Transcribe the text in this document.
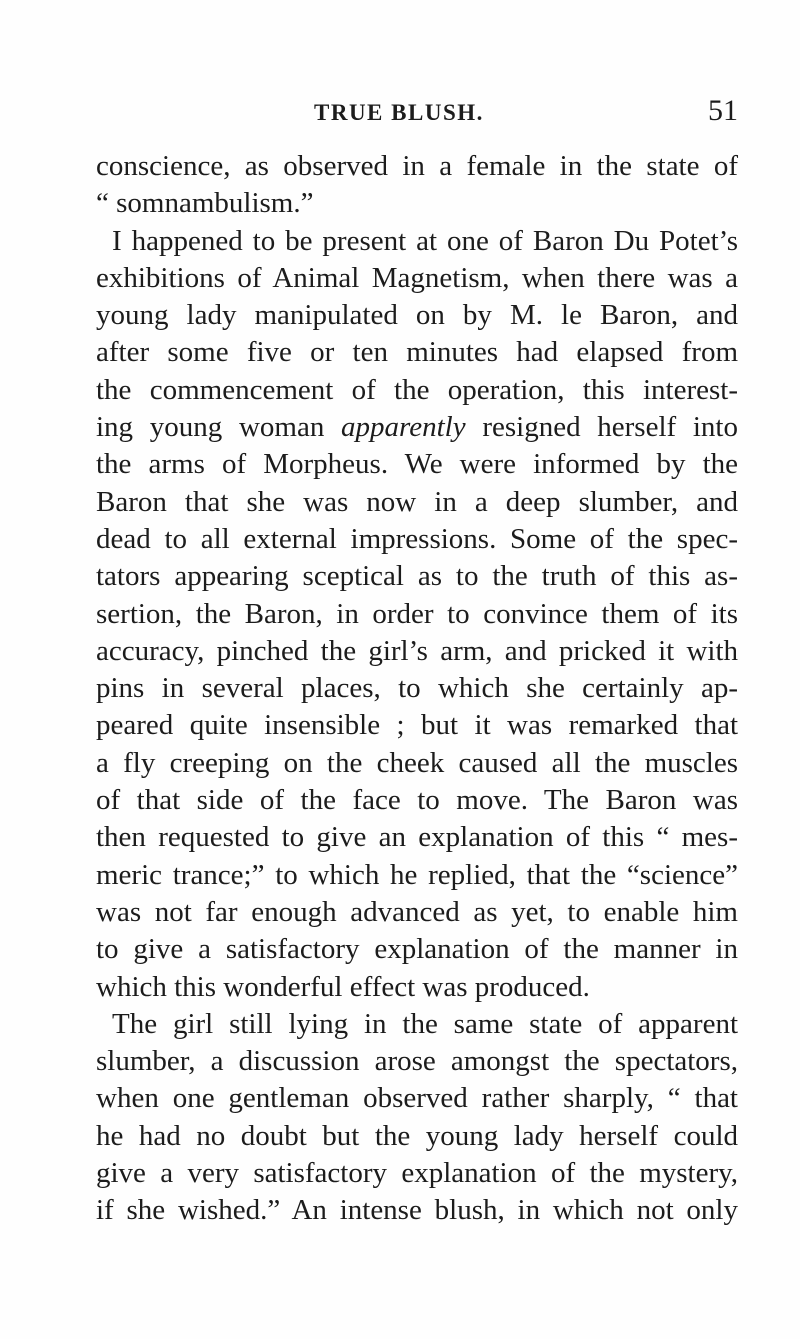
TRUE BLUSH.	51
conscience, as observed in a female in the state of
“ somnambulism.”
I happened to be present at one of Baron Du Potet’s
exhibitions of Animal Magnetism, when there was a
young lady manipulated on by M. le Baron, and
after some five or ten minutes had elapsed from
the commencement of the operation, this interest-
ing young woman apparently resigned herself into
the arms of Morpheus. We were informed by the
Baron that she was now in a deep slumber, and
dead to all external impressions. Some of the spec-
tators appearing sceptical as to the truth of this as-
sertion, the Baron, in order to convince them of its
accuracy, pinched the girl’s arm, and pricked it with
pins in several places, to which she certainly ap-
peared quite insensible ; but it was remarked that
a fly creeping on the cheek caused all the muscles
of that side of the face to move. The Baron was
then requested to give an explanation of this “ mes-
meric trance;” to which he replied, that the “science”
was not far enough advanced as yet, to enable him
to give a satisfactory explanation of the manner in
which this wonderful effect was produced.
The girl still lying in the same state of apparent
slumber, a discussion arose amongst the spectators,
when one gentleman observed rather sharply, “ that
he had no doubt but the young lady herself could
give a very satisfactory explanation of the mystery,
if she wished.” An intense blush, in which not only
